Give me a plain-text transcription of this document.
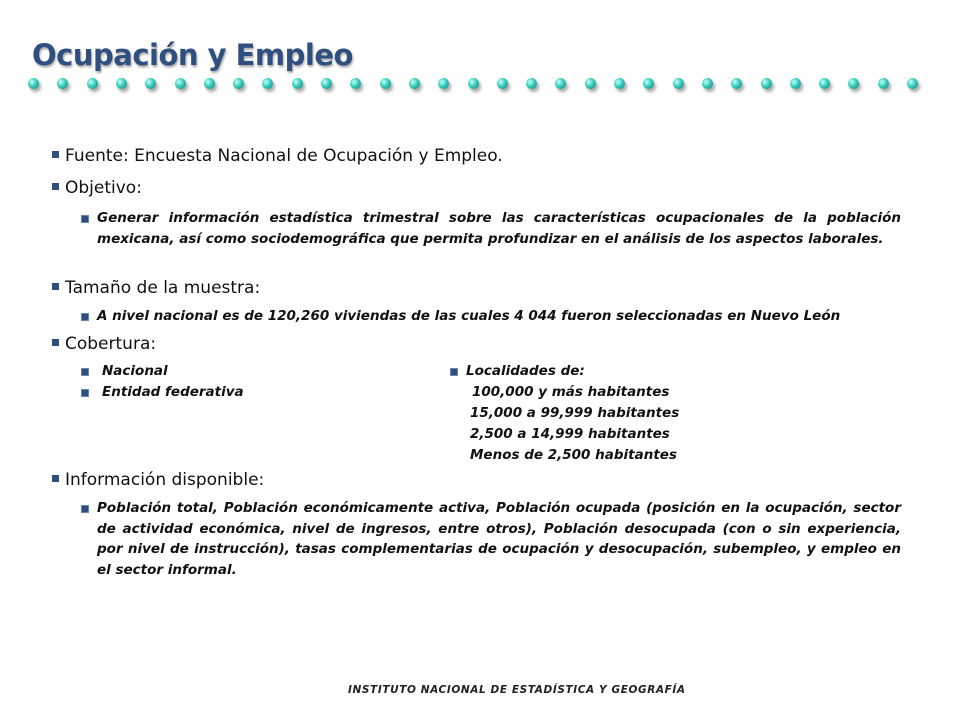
Ocupación y Empleo
Fuente: Encuesta Nacional de Ocupación y Empleo.
Objetivo:
Generar información estadística trimestral sobre las características ocupacionales de la población mexicana, así como sociodemográfica que permita profundizar en el análisis de los aspectos laborales.
Tamaño de la muestra:
A nivel nacional es de 120,260 viviendas de las cuales 4 044 fueron seleccionadas en Nuevo León
Cobertura:
Nacional
Entidad federativa
Localidades de:
100,000 y más habitantes
15,000 a 99,999 habitantes
2,500 a 14,999 habitantes
Menos de 2,500 habitantes
Información disponible:
Población total, Población económicamente activa, Población ocupada (posición en la ocupación, sector de actividad económica, nivel de ingresos, entre otros), Población desocupada (con o sin experiencia, por nivel de instrucción), tasas complementarias de ocupación y desocupación, subempleo, y empleo en el sector informal.
INSTITUTO NACIONAL DE ESTADÍSTICA Y GEOGRAFÍA
